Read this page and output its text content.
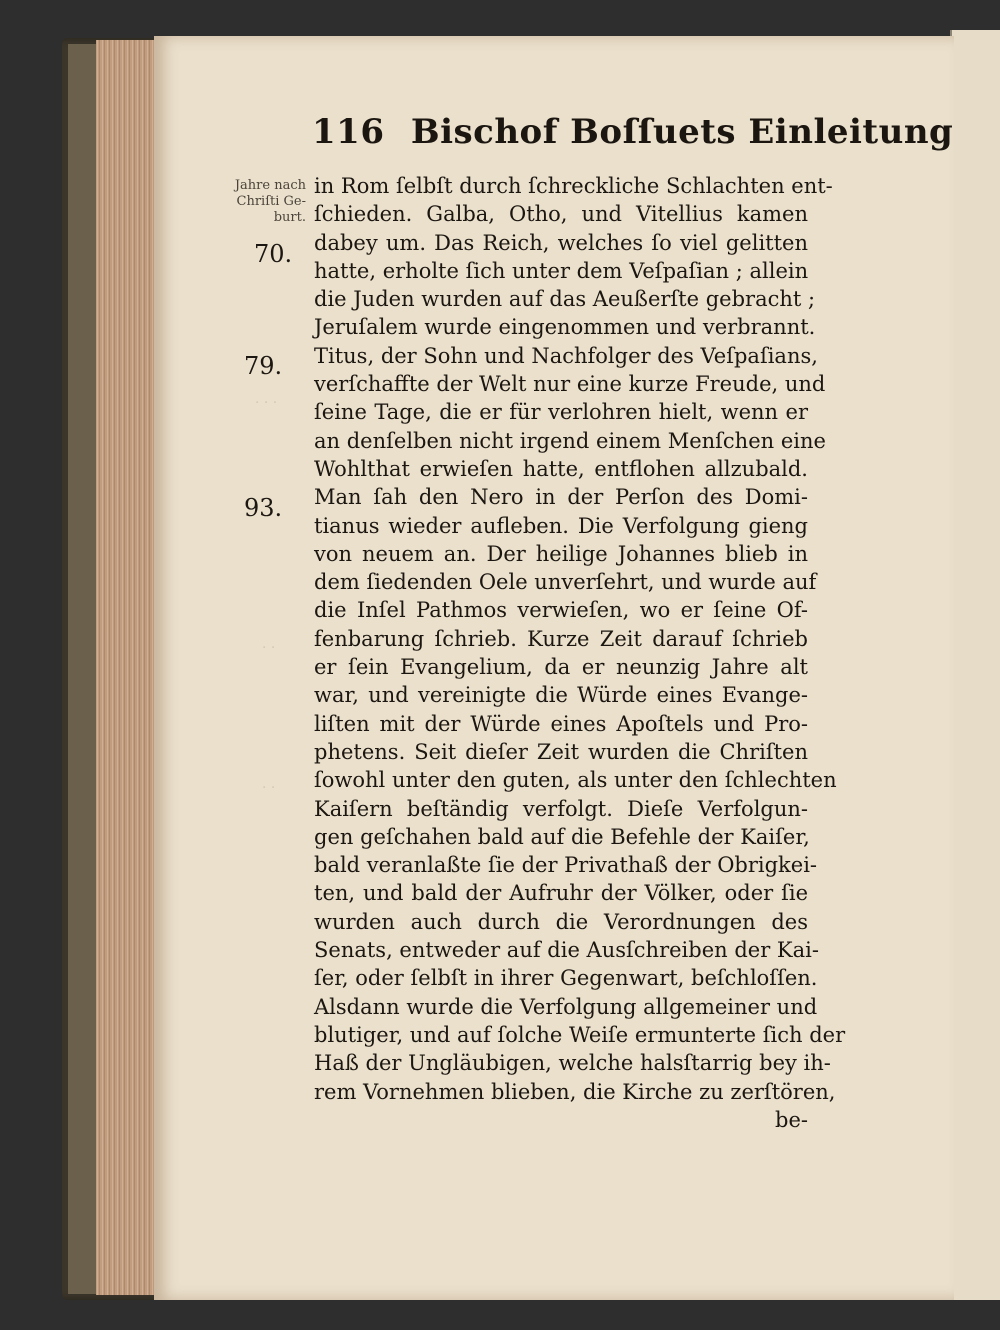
· · ·
· ·
· ·
116 Bischof Boſſuets Einleitung
Jahre nach
Chriſti Ge-
burt.
70.
79.
93.
in Rom ſelbſt durch ſchreckliche Schlachten ent-
ſchieden. Galba, Otho, und Vitellius kamen
dabey um. Das Reich, welches ſo viel gelitten
hatte, erholte ſich unter dem Veſpaſian ; allein
die Juden wurden auf das Aeußerſte gebracht ;
Jeruſalem wurde eingenommen und verbrannt.
Titus, der Sohn und Nachfolger des Veſpaſians,
verſchaffte der Welt nur eine kurze Freude, und
ſeine Tage, die er für verlohren hielt, wenn er
an denſelben nicht irgend einem Menſchen eine
Wohlthat erwieſen hatte, entflohen allzubald.
Man ſah den Nero in der Perſon des Domi-
tianus wieder aufleben. Die Verfolgung gieng
von neuem an. Der heilige Johannes blieb in
dem ſiedenden Oele unverſehrt, und wurde auf
die Inſel Pathmos verwieſen, wo er ſeine Of-
fenbarung ſchrieb. Kurze Zeit darauf ſchrieb
er ſein Evangelium, da er neunzig Jahre alt
war, und vereinigte die Würde eines Evange-
liſten mit der Würde eines Apoſtels und Pro-
phetens. Seit dieſer Zeit wurden die Chriſten
ſowohl unter den guten, als unter den ſchlechten
Kaiſern beſtändig verfolgt. Dieſe Verfolgun-
gen geſchahen bald auf die Befehle der Kaiſer,
bald veranlaßte ſie der Privathaß der Obrigkei-
ten, und bald der Aufruhr der Völker, oder ſie
wurden auch durch die Verordnungen des
Senats, entweder auf die Ausſchreiben der Kai-
ſer, oder ſelbſt in ihrer Gegenwart, beſchloſſen.
Alsdann wurde die Verfolgung allgemeiner und
blutiger, und auf ſolche Weiſe ermunterte ſich der
Haß der Ungläubigen, welche halsſtarrig bey ih-
rem Vornehmen blieben, die Kirche zu zerſtören,
be-
